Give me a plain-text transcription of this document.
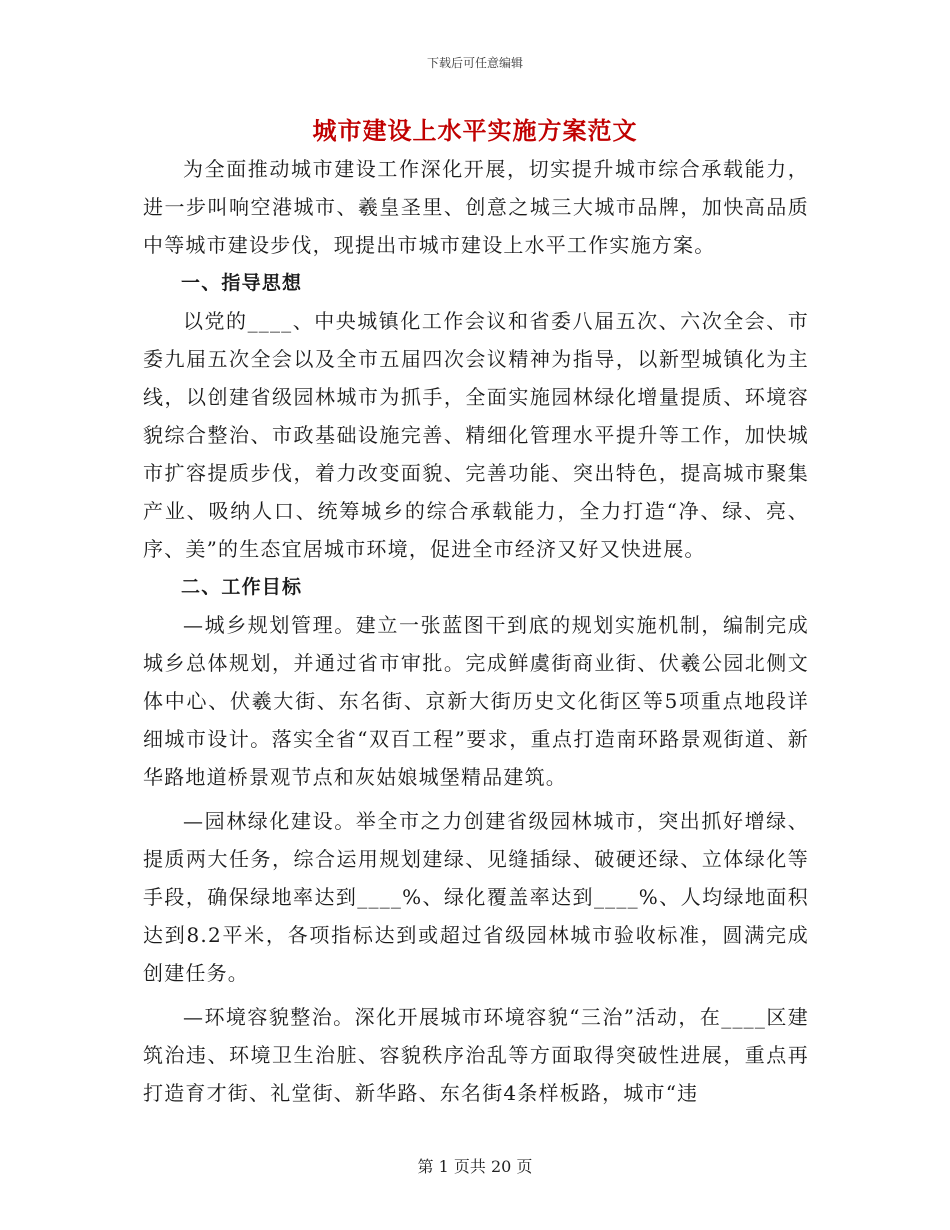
下载后可任意编辑
城市建设上水平实施方案范文

为全面推动城市建设工作深化开展，切实提升城市综合承载能力，进一步叫响空港城市、羲皇圣里、创意之城三大城市品牌，加快高品质中等城市建设步伐，现提出市城市建设上水平工作实施方案。

一、指导思想

以党的____、中央城镇化工作会议和省委八届五次、六次全会、市委九届五次全会以及全市五届四次会议精神为指导，以新型城镇化为主线，以创建省级园林城市为抓手，全面实施园林绿化增量提质、环境容貌综合整治、市政基础设施完善、精细化管理水平提升等工作，加快城市扩容提质步伐，着力改变面貌、完善功能、突出特色，提高城市聚集产业、吸纳人口、统筹城乡的综合承载能力，全力打造“净、绿、亮、序、美”的生态宜居城市环境，促进全市经济又好又快进展。

二、工作目标

—城乡规划管理。建立一张蓝图干到底的规划实施机制，编制完成城乡总体规划，并通过省市审批。完成鲜虞街商业街、伏羲公园北侧文体中心、伏羲大街、东名街、京新大街历史文化街区等5项重点地段详细城市设计。落实全省“双百工程”要求，重点打造南环路景观街道、新华路地道桥景观节点和灰姑娘城堡精品建筑。

—园林绿化建设。举全市之力创建省级园林城市，突出抓好增绿、提质两大任务，综合运用规划建绿、见缝插绿、破硬还绿、立体绿化等手段，确保绿地率达到____%、绿化覆盖率达到____%、人均绿地面积达到8.2平米，各项指标达到或超过省级园林城市验收标准，圆满完成创建任务。

—环境容貌整治。深化开展城市环境容貌“三治”活动，在____区建筑治违、环境卫生治脏、容貌秩序治乱等方面取得突破性进展，重点再打造育才街、礼堂街、新华路、东名街4条样板路，城市“违

第 1 页共 20 页
